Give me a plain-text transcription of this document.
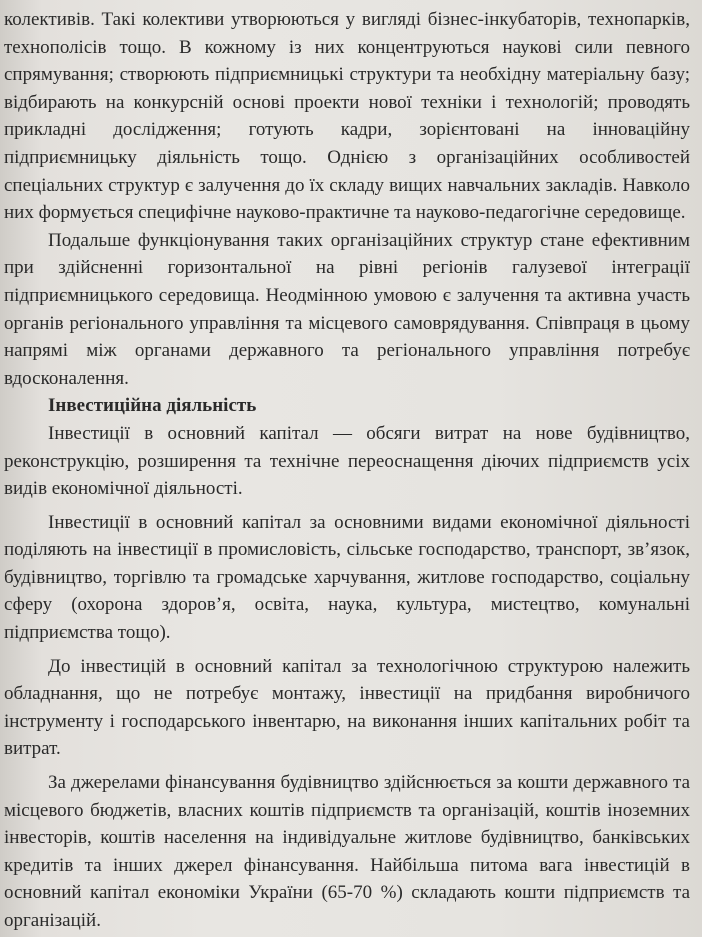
колективів. Такі колективи утворюються у вигляді бізнес-інкубаторів, технопарків, технополісів тощо. В кожному із них концентруються наукові сили певного спрямування; створюють підприємницькі структури та необхідну матеріальну базу; відбирають на конкурсній основі проекти нової техніки і технологій; проводять прикладні дослідження; готують кадри, зорієнтовані на інноваційну підприємницьку діяльність тощо. Однією з організаційних особливостей спеціальних структур є залучення до їх складу вищих навчальних закладів. Навколо них формується специфічне науково-практичне та науково-педагогічне середовище.

Подальше функціонування таких організаційних структур стане ефективним при здійсненні горизонтальної на рівні регіонів галузевої інтеграції підприємницького середовища. Неодмінною умовою є залучення та активна участь органів регіонального управління та місцевого самоврядування. Співпраця в цьому напрямі між органами державного та регіонального управління потребує вдосконалення.

Інвестиційна діяльність

Інвестиції в основний капітал — обсяги витрат на нове будівництво, реконструкцію, розширення та технічне переоснащення діючих підприємств усіх видів економічної діяльності.

Інвестиції в основний капітал за основними видами економічної діяльності поділяють на інвестиції в промисловість, сільське господарство, транспорт, зв’язок, будівництво, торгівлю та громадське харчування, житлове господарство, соціальну сферу (охорона здоров’я, освіта, наука, культура, мистецтво, комунальні підприємства тощо).

До інвестицій в основний капітал за технологічною структурою належить обладнання, що не потребує монтажу, інвестиції на придбання виробничого інструменту і господарського інвентарю, на виконання інших капітальних робіт та витрат.

За джерелами фінансування будівництво здійснюється за кошти державного та місцевого бюджетів, власних коштів підприємств та організацій, коштів іноземних інвесторів, коштів населення на індивідуальне житлове будівництво, банківських кредитів та інших джерел фінансування. Найбільша питома вага інвестицій в основний капітал економіки України (65-70 %) складають кошти підприємств та організацій.
